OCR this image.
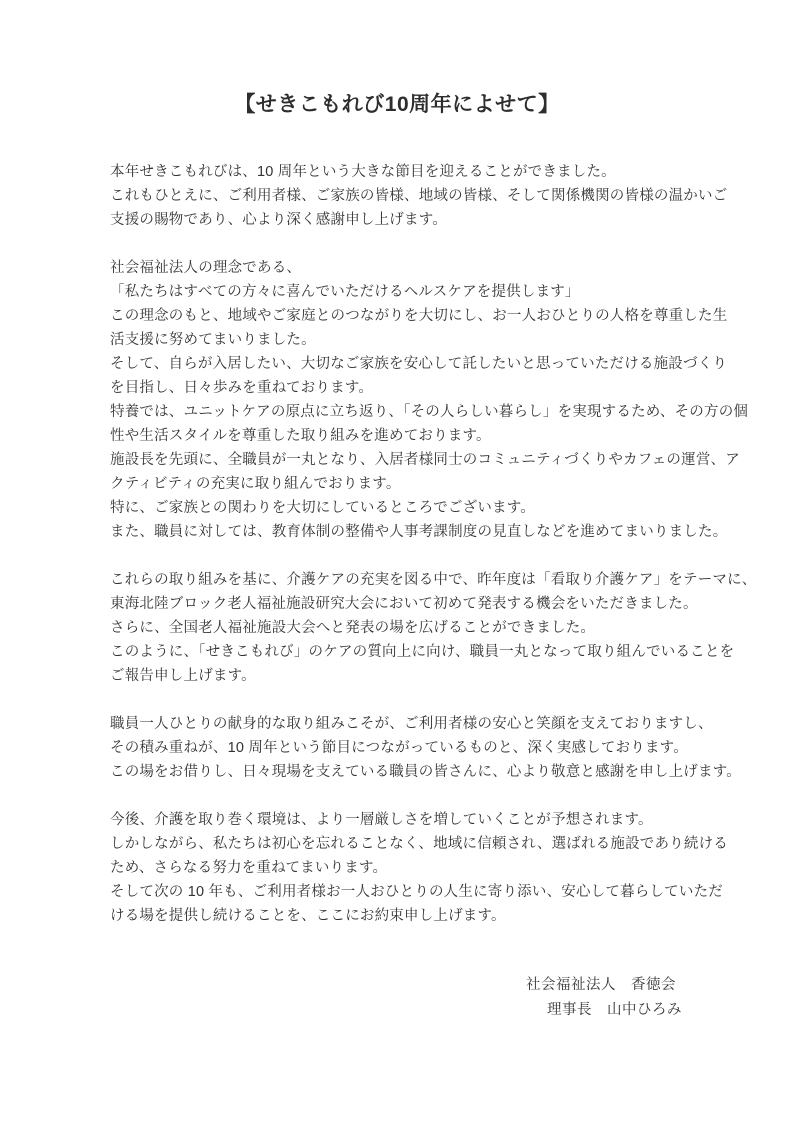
【せきこもれび10周年によせて】
本年せきこもれびは、10 周年という大きな節目を迎えることができました。
これもひとえに、ご利用者様、ご家族の皆様、地域の皆様、そして関係機関の皆様の温かいご
支援の賜物であり、心より深く感謝申し上げます。
社会福祉法人の理念である、
「私たちはすべての方々に喜んでいただけるヘルスケアを提供します」
この理念のもと、地域やご家庭とのつながりを大切にし、お一人おひとりの人格を尊重した生
活支援に努めてまいりました。
そして、自らが入居したい、大切なご家族を安心して託したいと思っていただける施設づくり
を目指し、日々歩みを重ねております。
特養では、ユニットケアの原点に立ち返り、「その人らしい暮らし」を実現するため、その方の個
性や生活スタイルを尊重した取り組みを進めております。
施設長を先頭に、全職員が一丸となり、入居者様同士のコミュニティづくりやカフェの運営、ア
クティビティの充実に取り組んでおります。
特に、ご家族との関わりを大切にしているところでございます。
また、職員に対しては、教育体制の整備や人事考課制度の見直しなどを進めてまいりました。
これらの取り組みを基に、介護ケアの充実を図る中で、昨年度は「看取り介護ケア」をテーマに、
東海北陸ブロック老人福祉施設研究大会において初めて発表する機会をいただきました。
さらに、全国老人福祉施設大会へと発表の場を広げることができました。
このように、「せきこもれび」のケアの質向上に向け、職員一丸となって取り組んでいることを
ご報告申し上げます。
職員一人ひとりの献身的な取り組みこそが、ご利用者様の安心と笑顔を支えておりますし、
その積み重ねが、10 周年という節目につながっているものと、深く実感しております。
この場をお借りし、日々現場を支えている職員の皆さんに、心より敬意と感謝を申し上げます。
今後、介護を取り巻く環境は、より一層厳しさを増していくことが予想されます。
しかしながら、私たちは初心を忘れることなく、地域に信頼され、選ばれる施設であり続ける
ため、さらなる努力を重ねてまいります。
そして次の 10 年も、ご利用者様お一人おひとりの人生に寄り添い、安心して暮らしていただ
ける場を提供し続けることを、ここにお約束申し上げます。
社会福祉法人　香徳会
理事長　山中ひろみ
